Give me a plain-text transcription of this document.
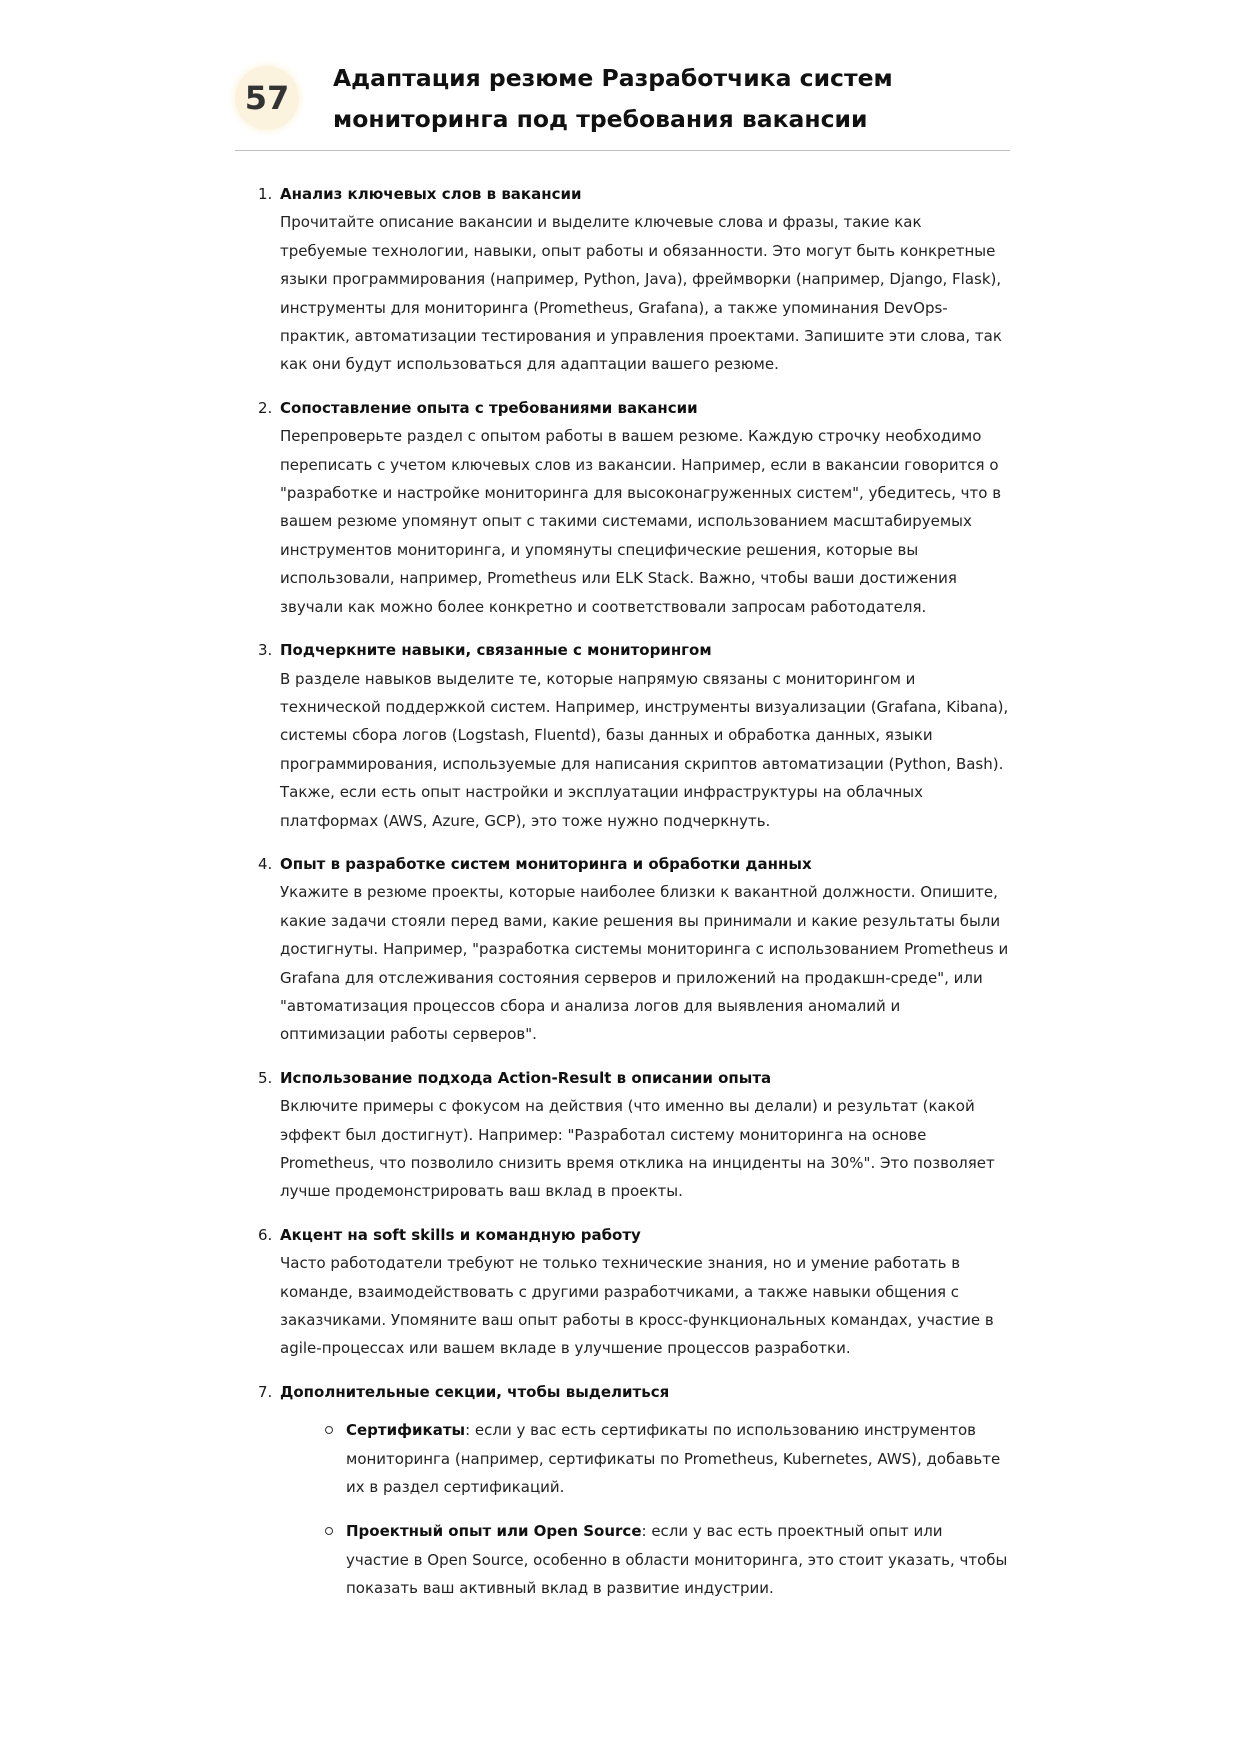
57
Адаптация резюме Разработчика систем мониторинга под требования вакансии
1. Анализ ключевых слов в вакансии
Прочитайте описание вакансии и выделите ключевые слова и фразы, такие как требуемые технологии, навыки, опыт работы и обязанности. Это могут быть конкретные языки программирования (например, Python, Java), фреймворки (например, Django, Flask), инструменты для мониторинга (Prometheus, Grafana), а также упоминания DevOps-практик, автоматизации тестирования и управления проектами. Запишите эти слова, так как они будут использоваться для адаптации вашего резюме.
2. Сопоставление опыта с требованиями вакансии
Перепроверьте раздел с опытом работы в вашем резюме. Каждую строчку необходимо переписать с учетом ключевых слов из вакансии. Например, если в вакансии говорится о "разработке и настройке мониторинга для высоконагруженных систем", убедитесь, что в вашем резюме упомянут опыт с такими системами, использованием масштабируемых инструментов мониторинга, и упомянуты специфические решения, которые вы использовали, например, Prometheus или ELK Stack. Важно, чтобы ваши достижения звучали как можно более конкретно и соответствовали запросам работодателя.
3. Подчеркните навыки, связанные с мониторингом
В разделе навыков выделите те, которые напрямую связаны с мониторингом и технической поддержкой систем. Например, инструменты визуализации (Grafana, Kibana), системы сбора логов (Logstash, Fluentd), базы данных и обработка данных, языки программирования, используемые для написания скриптов автоматизации (Python, Bash). Также, если есть опыт настройки и эксплуатации инфраструктуры на облачных платформах (AWS, Azure, GCP), это тоже нужно подчеркнуть.
4. Опыт в разработке систем мониторинга и обработки данных
Укажите в резюме проекты, которые наиболее близки к вакантной должности. Опишите, какие задачи стояли перед вами, какие решения вы принимали и какие результаты были достигнуты. Например, "разработка системы мониторинга с использованием Prometheus и Grafana для отслеживания состояния серверов и приложений на продакшн-среде", или "автоматизация процессов сбора и анализа логов для выявления аномалий и оптимизации работы серверов".
5. Использование подхода Action-Result в описании опыта
Включите примеры с фокусом на действия (что именно вы делали) и результат (какой эффект был достигнут). Например: "Разработал систему мониторинга на основе Prometheus, что позволило снизить время отклика на инциденты на 30%". Это позволяет лучше продемонстрировать ваш вклад в проекты.
6. Акцент на soft skills и командную работу
Часто работодатели требуют не только технические знания, но и умение работать в команде, взаимодействовать с другими разработчиками, а также навыки общения с заказчиками. Упомяните ваш опыт работы в кросс-функциональных командах, участие в agile-процессах или вашем вкладе в улучшение процессов разработки.
7. Дополнительные секции, чтобы выделиться
Сертификаты: если у вас есть сертификаты по использованию инструментов мониторинга (например, сертификаты по Prometheus, Kubernetes, AWS), добавьте их в раздел сертификаций.
Проектный опыт или Open Source: если у вас есть проектный опыт или участие в Open Source, особенно в области мониторинга, это стоит указать, чтобы показать ваш активный вклад в развитие индустрии.
